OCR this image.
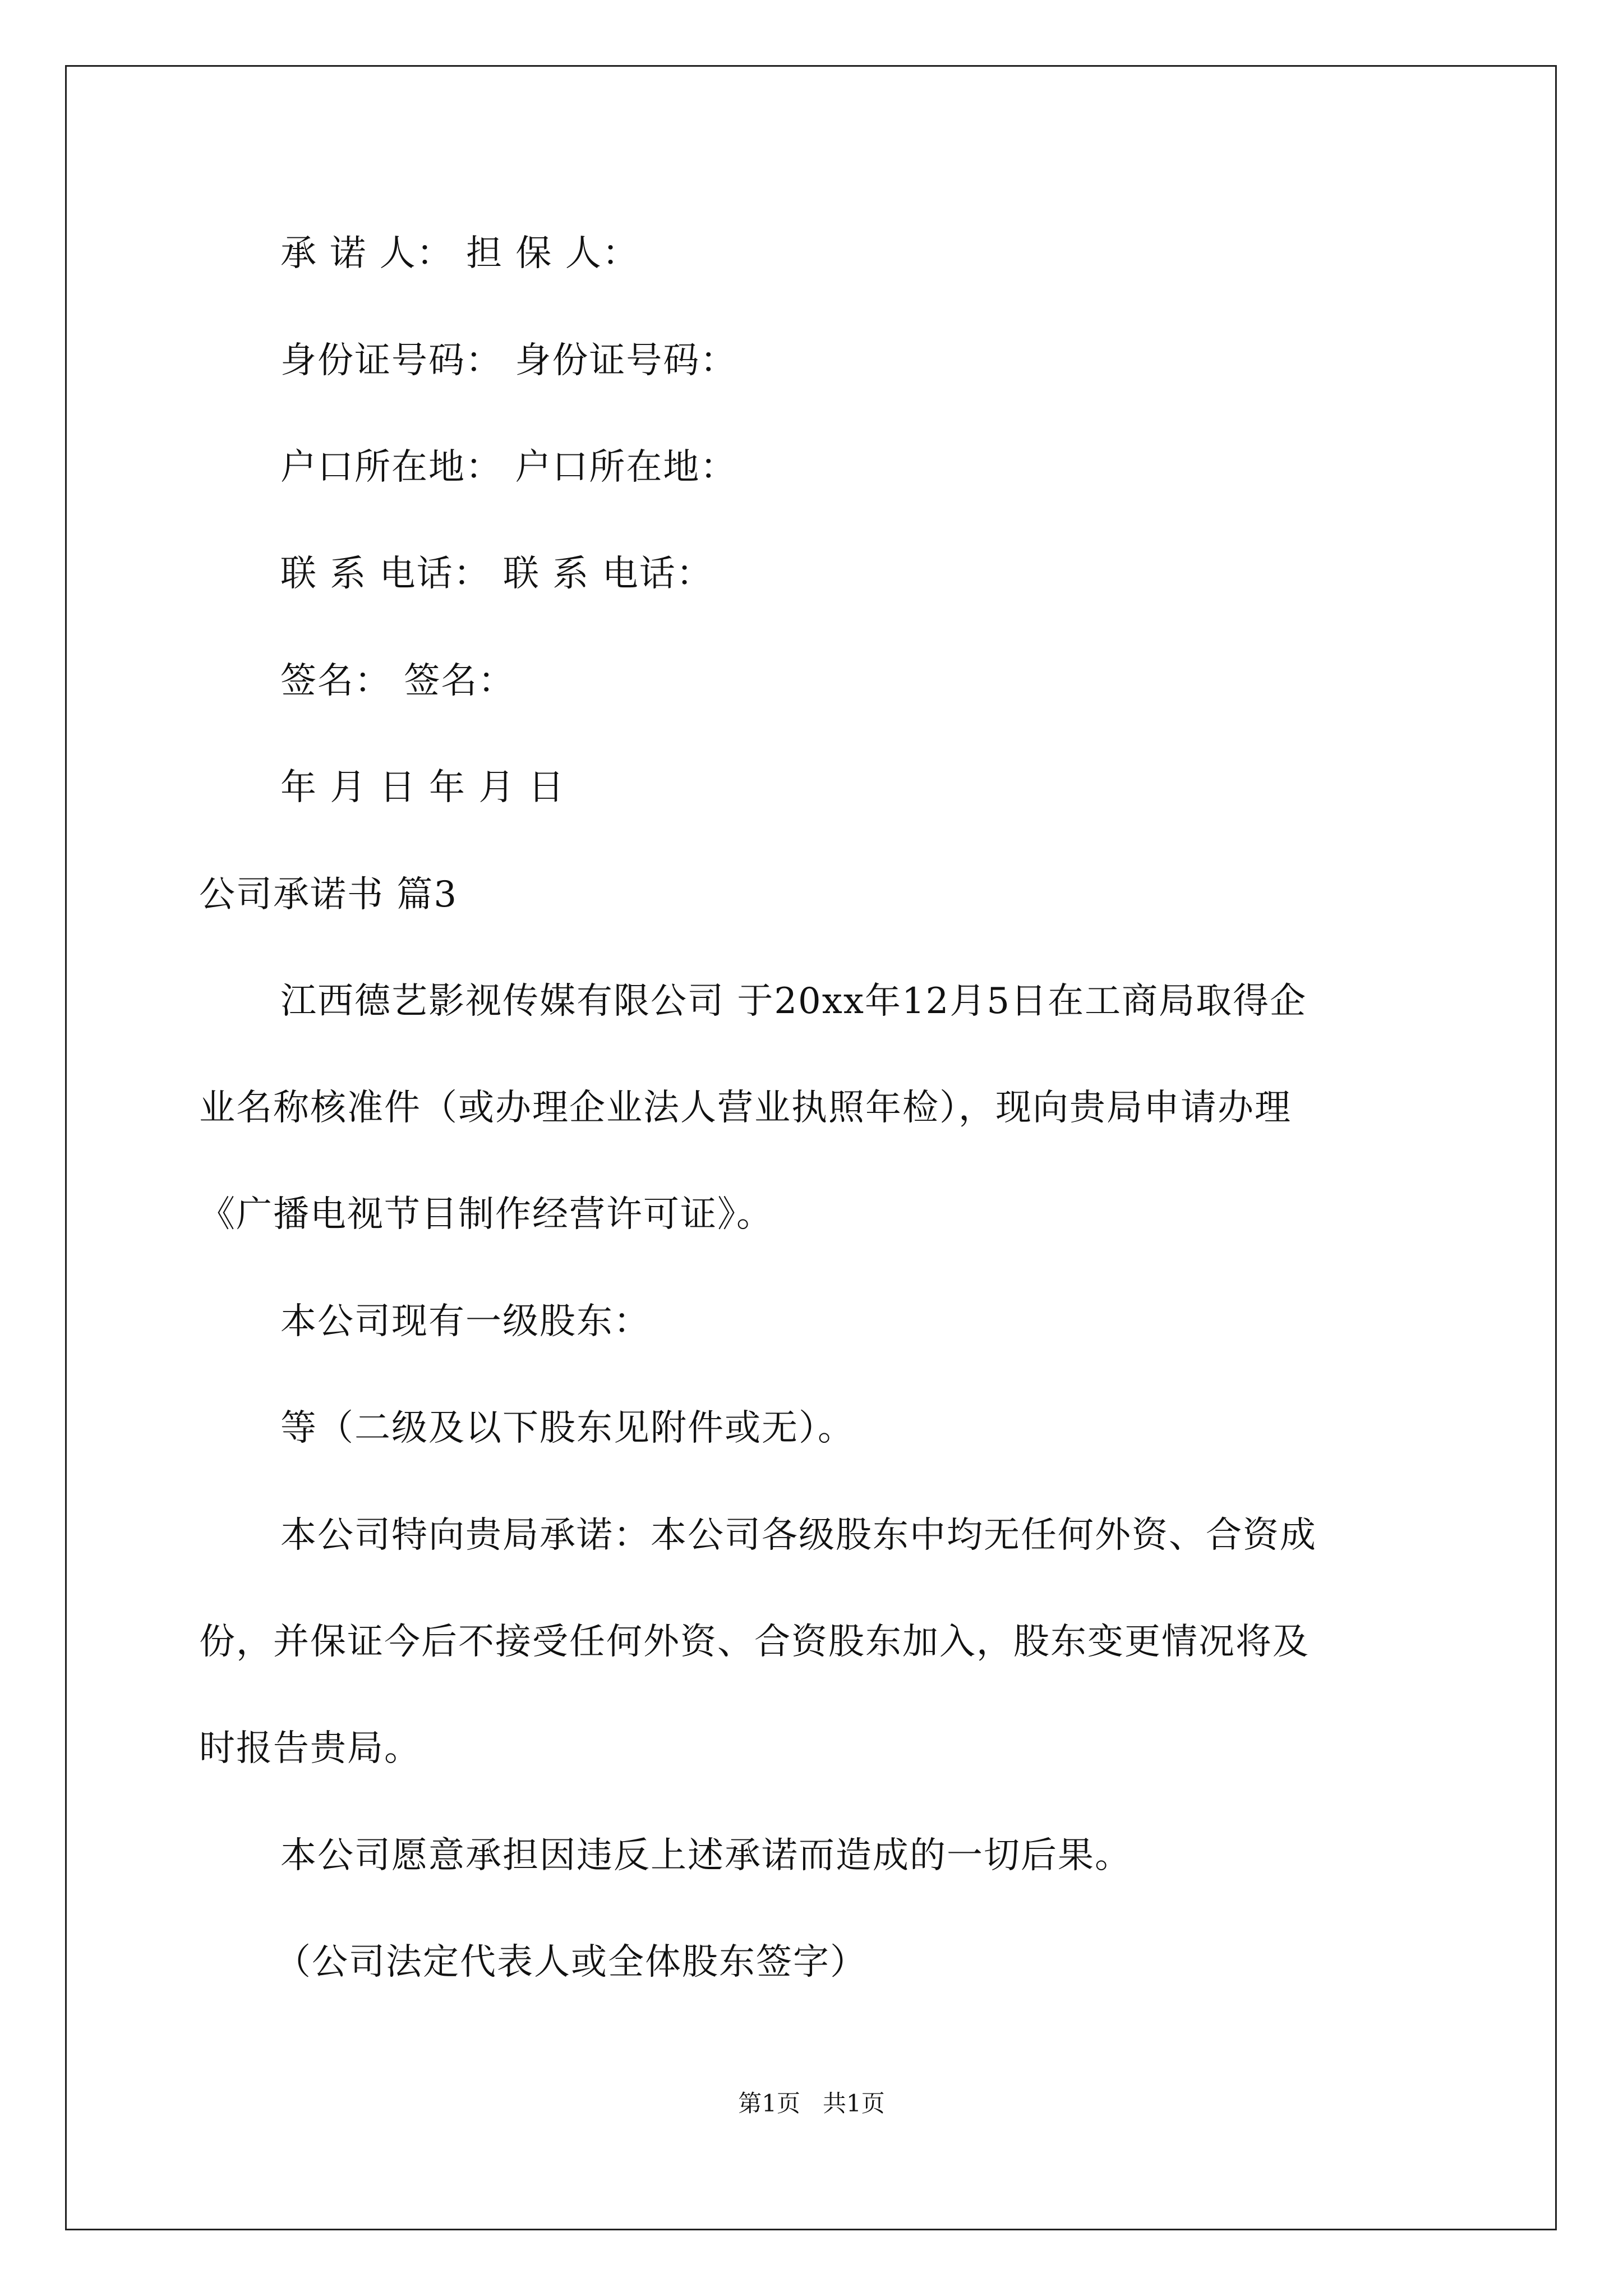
承 诺 人： 担 保 人：
身份证号码： 身份证号码：
户口所在地： 户口所在地：
联 系 电话： 联 系 电话：
签名： 签名：
年 月 日 年 月 日
公司承诺书 篇3
江西德艺影视传媒有限公司 于20xx年12月5日在工商局取得企
业名称核准件（或办理企业法人营业执照年检），现向贵局申请办理
《广播电视节目制作经营许可证》。
本公司现有一级股东：
等（二级及以下股东见附件或无）。
本公司特向贵局承诺：本公司各级股东中均无任何外资、合资成
份，并保证今后不接受任何外资、合资股东加入，股东变更情况将及
时报告贵局。
本公司愿意承担因违反上述承诺而造成的一切后果。
（公司法定代表人或全体股东签字）
第1页   共1页
